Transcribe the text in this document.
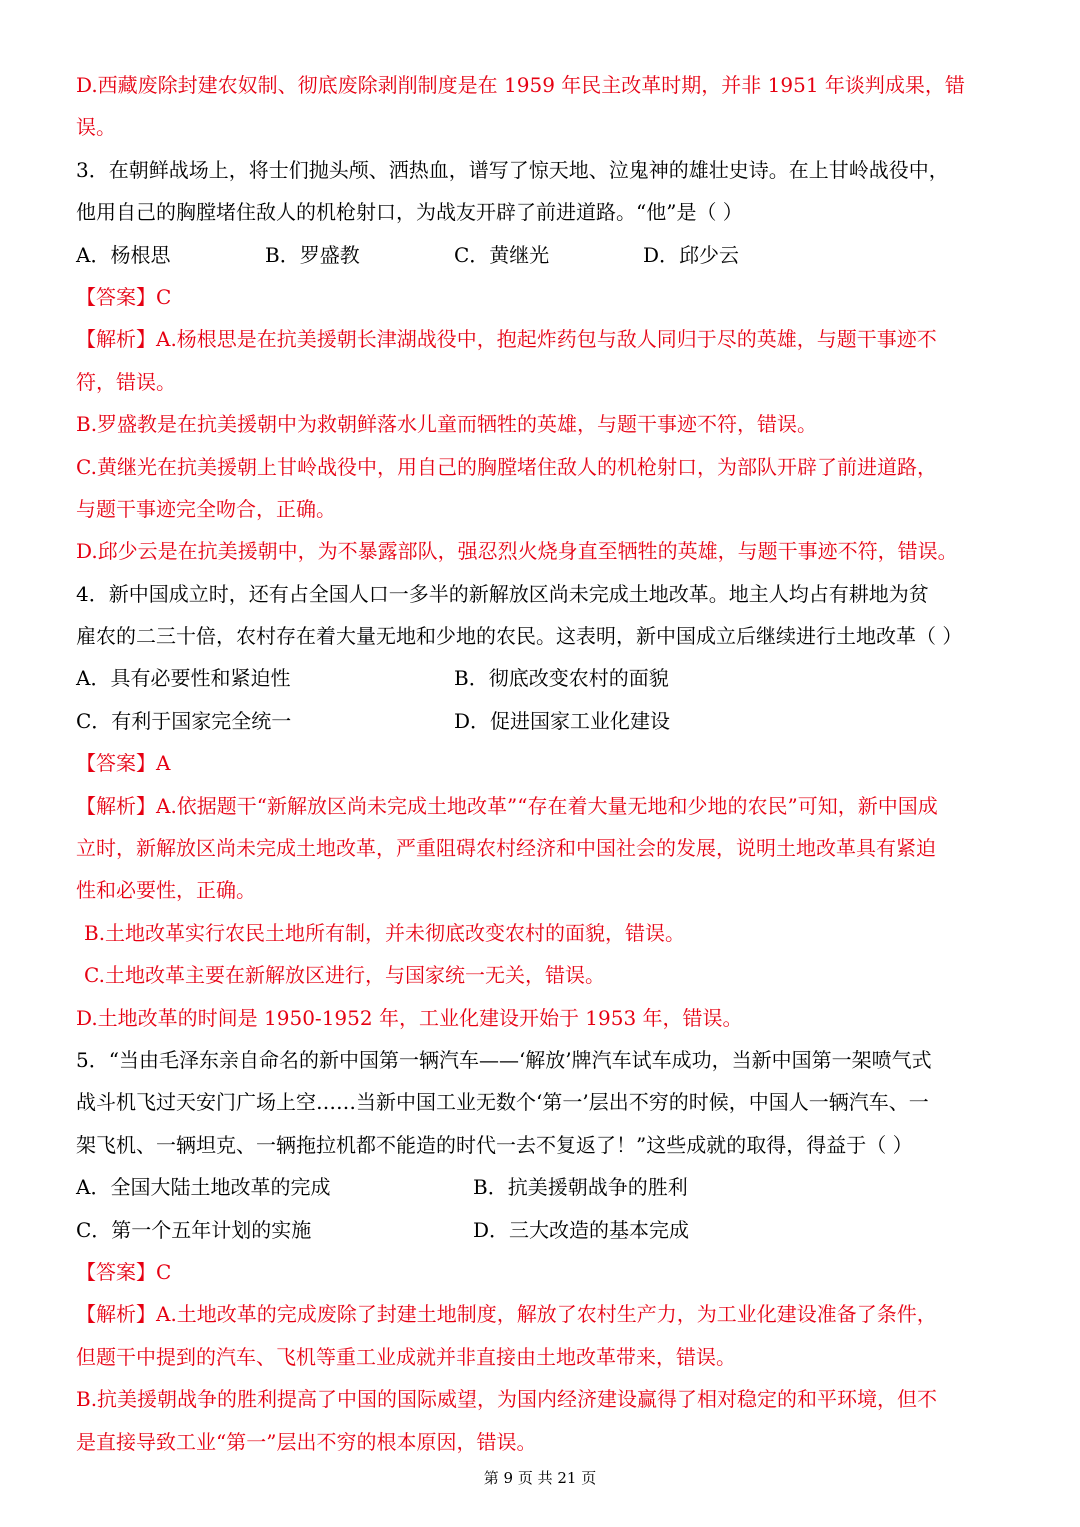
D.西藏废除封建农奴制、彻底废除剥削制度是在 1959 年民主改革时期，并非 1951 年谈判成果，错
误。
3．在朝鲜战场上，将士们抛头颅、洒热血，谱写了惊天地、泣鬼神的雄壮史诗。在上甘岭战役中，
他用自己的胸膛堵住敌人的机枪射口，为战友开辟了前进道路。“他”是（ ）
A．杨根思	B．罗盛教	C．黄继光	D．邱少云
【答案】C
【解析】A.杨根思是在抗美援朝长津湖战役中，抱起炸药包与敌人同归于尽的英雄，与题干事迹不
符，错误。
B.罗盛教是在抗美援朝中为救朝鲜落水儿童而牺牲的英雄，与题干事迹不符，错误。
C.黄继光在抗美援朝上甘岭战役中，用自己的胸膛堵住敌人的机枪射口，为部队开辟了前进道路，
与题干事迹完全吻合，正确。
D.邱少云是在抗美援朝中，为不暴露部队，强忍烈火烧身直至牺牲的英雄，与题干事迹不符，错误。
4．新中国成立时，还有占全国人口一多半的新解放区尚未完成土地改革。地主人均占有耕地为贫
雇农的二三十倍，农村存在着大量无地和少地的农民。这表明，新中国成立后继续进行土地改革（ ）
A．具有必要性和紧迫性	B．彻底改变农村的面貌
C．有利于国家完全统一	D．促进国家工业化建设
【答案】A
【解析】A.依据题干“新解放区尚未完成土地改革”“存在着大量无地和少地的农民”可知，新中国成
立时，新解放区尚未完成土地改革，严重阻碍农村经济和中国社会的发展，说明土地改革具有紧迫
性和必要性，正确。
B.土地改革实行农民土地所有制，并未彻底改变农村的面貌，错误。
C.土地改革主要在新解放区进行，与国家统一无关，错误。
D.土地改革的时间是 1950-1952 年，工业化建设开始于 1953 年，错误。
5．“当由毛泽东亲自命名的新中国第一辆汽车——‘解放’牌汽车试车成功，当新中国第一架喷气式
战斗机飞过天安门广场上空……当新中国工业无数个‘第一’层出不穷的时候，中国人一辆汽车、一
架飞机、一辆坦克、一辆拖拉机都不能造的时代一去不复返了！”这些成就的取得，得益于（ ）
A．全国大陆土地改革的完成	B．抗美援朝战争的胜利
C．第一个五年计划的实施	D．三大改造的基本完成
【答案】C
【解析】A.土地改革的完成废除了封建土地制度，解放了农村生产力，为工业化建设准备了条件，
但题干中提到的汽车、飞机等重工业成就并非直接由土地改革带来，错误。
B.抗美援朝战争的胜利提高了中国的国际威望，为国内经济建设赢得了相对稳定的和平环境，但不
是直接导致工业“第一”层出不穷的根本原因，错误。
第 9 页 共 21 页
